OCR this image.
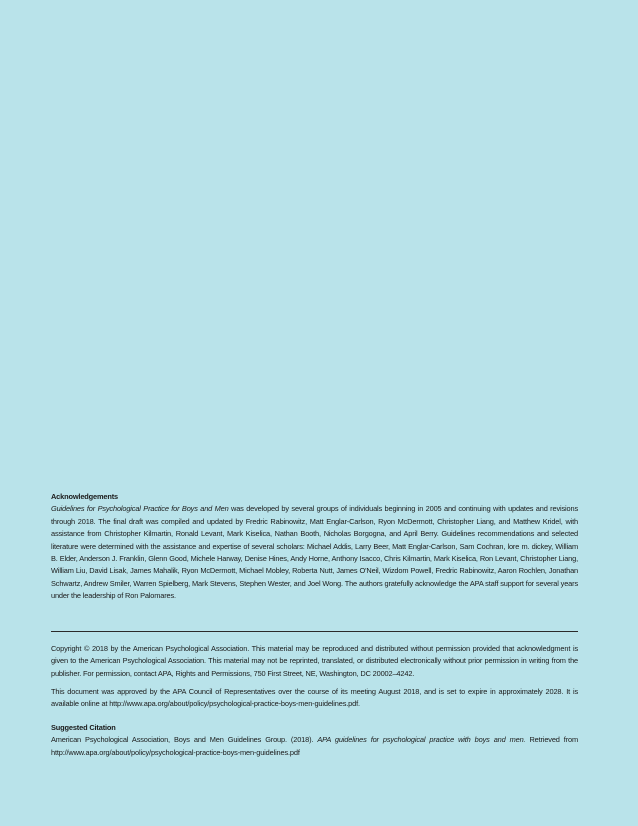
Acknowledgements
Guidelines for Psychological Practice for Boys and Men was developed by several groups of individuals beginning in 2005 and continuing with updates and revisions through 2018. The final draft was compiled and updated by Fredric Rabinowitz, Matt Englar-Carlson, Ryon McDermott, Christopher Liang, and Matthew Kridel, with assistance from Christopher Kilmartin, Ronald Levant, Mark Kiselica, Nathan Booth, Nicholas Borgogna, and April Berry. Guidelines recommendations and selected literature were determined with the assistance and expertise of several scholars: Michael Addis, Larry Beer, Matt Englar-Carlson, Sam Cochran, lore m. dickey, William B. Elder, Anderson J. Franklin, Glenn Good, Michele Harway, Denise Hines, Andy Horne, Anthony Isacco, Chris Kilmartin, Mark Kiselica, Ron Levant, Christopher Liang, William Liu, David Lisak, James Mahalik, Ryon McDermott, Michael Mobley, Roberta Nutt, James O'Neil, Wizdom Powell, Fredric Rabinowitz, Aaron Rochlen, Jonathan Schwartz, Andrew Smiler, Warren Spielberg, Mark Stevens, Stephen Wester, and Joel Wong. The authors gratefully acknowledge the APA staff support for several years under the leadership of Ron Palomares.
Copyright © 2018 by the American Psychological Association. This material may be reproduced and distributed without permission provided that acknowledgment is given to the American Psychological Association. This material may not be reprinted, translated, or distributed electronically without prior permission in writing from the publisher. For permission, contact APA, Rights and Permissions, 750 First Street, NE, Washington, DC 20002–4242.
This document was approved by the APA Council of Representatives over the course of its meeting August 2018, and is set to expire in approximately 2028. It is available online at http://www.apa.org/about/policy/psychological-practice-boys-men-guidelines.pdf.
Suggested Citation
American Psychological Association, Boys and Men Guidelines Group. (2018). APA guidelines for psychological practice with boys and men. Retrieved from http://www.apa.org/about/policy/psychological-practice-boys-men-guidelines.pdf
